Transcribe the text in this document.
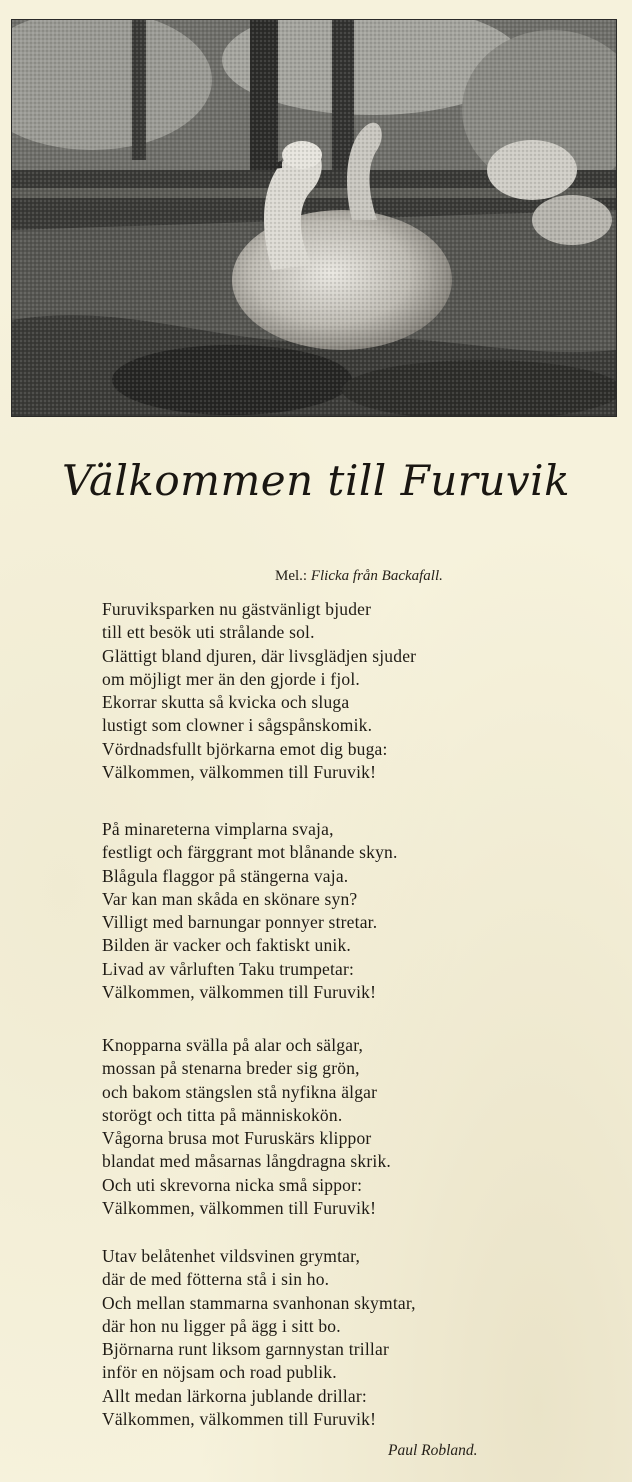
Välkommen till Furuvik
Mel.: Flicka från Backafall.
Furuviksparken nu gästvänligt bjuder
till ett besök uti strålande sol.
Glättigt bland djuren, där livsglädjen sjuder
om möjligt mer än den gjorde i fjol.
Ekorrar skutta så kvicka och sluga
lustigt som clowner i sågspånskomik.
Vördnadsfullt björkarna emot dig buga:
Välkommen, välkommen till Furuvik!
På minareterna vimplarna svaja,
festligt och färggrant mot blånande skyn.
Blågula flaggor på stängerna vaja.
Var kan man skåda en skönare syn?
Villigt med barnungar ponnyer stretar.
Bilden är vacker och faktiskt unik.
Livad av vårluften Taku trumpetar:
Välkommen, välkommen till Furuvik!
Knopparna svälla på alar och sälgar,
mossan på stenarna breder sig grön,
och bakom stängslen stå nyfikna älgar
storögt och titta på människokön.
Vågorna brusa mot Furuskärs klippor
blandat med måsarnas långdragna skrik.
Och uti skrevorna nicka små sippor:
Välkommen, välkommen till Furuvik!
Utav belåtenhet vildsvinen grymtar,
där de med fötterna stå i sin ho.
Och mellan stammarna svanhonan skymtar,
där hon nu ligger på ägg i sitt bo.
Björnarna runt liksom garnnystan trillar
inför en nöjsam och road publik.
Allt medan lärkorna jublande drillar:
Välkommen, välkommen till Furuvik!
Paul Robland.
